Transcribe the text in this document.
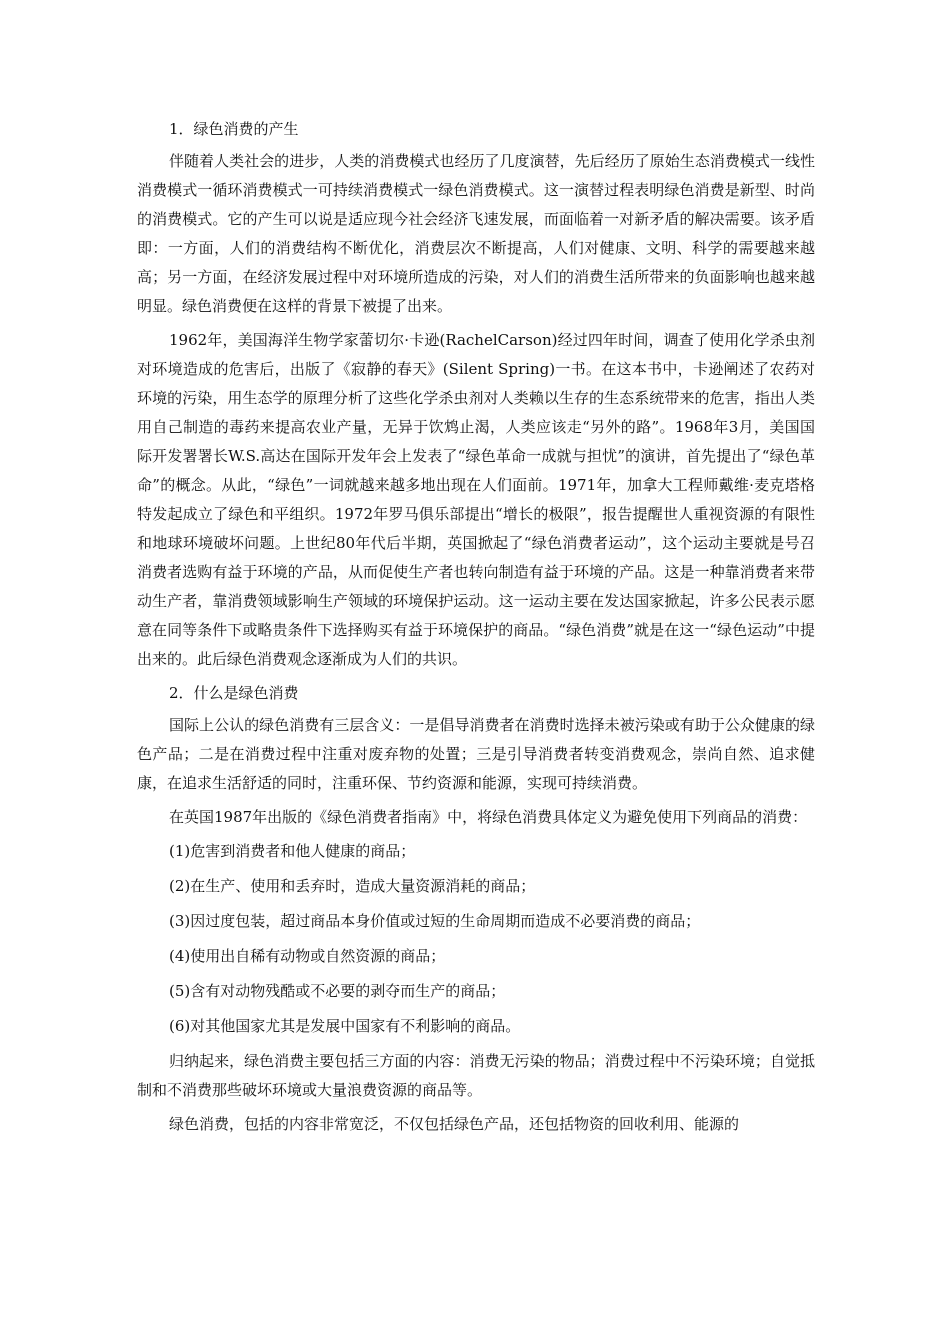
1．绿色消费的产生

伴随着人类社会的进步，人类的消费模式也经历了几度演替，先后经历了原始生态消费模式一线性消费模式一循环消费模式一可持续消费模式一绿色消费模式。这一演替过程表明绿色消费是新型、时尚的消费模式。它的产生可以说是适应现今社会经济飞速发展，而面临着一对新矛盾的解决需要。该矛盾即：一方面，人们的消费结构不断优化，消费层次不断提高，人们对健康、文明、科学的需要越来越高；另一方面，在经济发展过程中对环境所造成的污染，对人们的消费生活所带来的负面影响也越来越明显。绿色消费便在这样的背景下被提了出来。

1962年，美国海洋生物学家蕾切尔·卡逊(RachelCarson)经过四年时间，调查了使用化学杀虫剂对环境造成的危害后，出版了《寂静的春天》(Silent Spring)一书。在这本书中，卡逊阐述了农药对环境的污染，用生态学的原理分析了这些化学杀虫剂对人类赖以生存的生态系统带来的危害，指出人类用自己制造的毒药来提高农业产量，无异于饮鸩止渴，人类应该走“另外的路”。1968年3月，美国国际开发署署长W.S.高达在国际开发年会上发表了“绿色革命一成就与担忧”的演讲，首先提出了“绿色革命”的概念。从此，“绿色”一词就越来越多地出现在人们面前。1971年，加拿大工程师戴维·麦克塔格特发起成立了绿色和平组织。1972年罗马俱乐部提出“增长的极限”，报告提醒世人重视资源的有限性和地球环境破坏问题。上世纪80年代后半期，英国掀起了“绿色消费者运动”，这个运动主要就是号召消费者选购有益于环境的产品，从而促使生产者也转向制造有益于环境的产品。这是一种靠消费者来带动生产者，靠消费领域影响生产领域的环境保护运动。这一运动主要在发达国家掀起，许多公民表示愿意在同等条件下或略贵条件下选择购买有益于环境保护的商品。“绿色消费”就是在这一“绿色运动”中提出来的。此后绿色消费观念逐渐成为人们的共识。

2．什么是绿色消费

国际上公认的绿色消费有三层含义：一是倡导消费者在消费时选择未被污染或有助于公众健康的绿色产品；二是在消费过程中注重对废弃物的处置；三是引导消费者转变消费观念，崇尚自然、追求健康，在追求生活舒适的同时，注重环保、节约资源和能源，实现可持续消费。

在英国1987年出版的《绿色消费者指南》中，将绿色消费具体定义为避免使用下列商品的消费：

(1)危害到消费者和他人健康的商品；

(2)在生产、使用和丢弃时，造成大量资源消耗的商品；

(3)因过度包装，超过商品本身价值或过短的生命周期而造成不必要消费的商品；

(4)使用出自稀有动物或自然资源的商品；

(5)含有对动物残酷或不必要的剥夺而生产的商品；

(6)对其他国家尤其是发展中国家有不利影响的商品。

归纳起来，绿色消费主要包括三方面的内容：消费无污染的物品；消费过程中不污染环境；自觉抵制和不消费那些破坏环境或大量浪费资源的商品等。

绿色消费，包括的内容非常宽泛，不仅包括绿色产品，还包括物资的回收利用、能源的
